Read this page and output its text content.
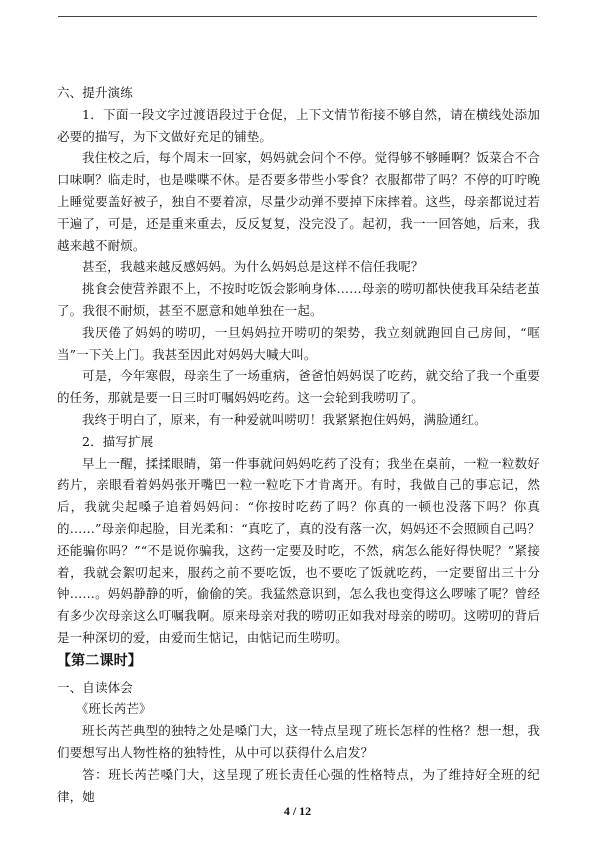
六、提升演练

1．下面一段文字过渡语段过于仓促，上下文情节衔接不够自然，请在横线处添加必要的描写，为下文做好充足的铺垫。

我住校之后，每个周末一回家，妈妈就会问个不停。觉得够不够睡啊？饭菜合不合口味啊？临走时，也是喋喋不休。是否要多带些小零食？衣服都带了吗？不停的叮咛晚上睡觉要盖好被子，独自不要着凉，尽量少动弹不要掉下床摔着。这些，母亲都说过若干遍了，可是，还是重来重去，反反复复，没完没了。起初，我一一回答她，后来，我越来越不耐烦。

甚至，我越来越反感妈妈。为什么妈妈总是这样不信任我呢？

挑食会使营养跟不上，不按时吃饭会影响身体……母亲的唠叨都快使我耳朵结老茧了。我很不耐烦，甚至不愿意和她单独在一起。

我厌倦了妈妈的唠叨，一旦妈妈拉开唠叨的架势，我立刻就跑回自己房间，“哐当”一下关上门。我甚至因此对妈妈大喊大叫。

可是，今年寒假，母亲生了一场重病，爸爸怕妈妈误了吃药，就交给了我一个重要的任务，那就是要一日三时叮嘱妈妈吃药。这一会轮到我唠叨了。

我终于明白了，原来，有一种爱就叫唠叨！我紧紧抱住妈妈，满脸通红。

2．描写扩展

早上一醒，揉揉眼睛，第一件事就问妈妈吃药了没有；我坐在桌前，一粒一粒数好药片，亲眼看着妈妈张开嘴巴一粒一粒吃下才肯离开。有时，我做自己的事忘记，然后，我就尖起嗓子追着妈妈问：“你按时吃药了吗？你真的一顿也没落下吗？你真的……”母亲仰起脸，目光柔和：“真吃了，真的没有落一次，妈妈还不会照顾自己吗？还能骗你吗？”“不是说你骗我，这药一定要及时吃，不然，病怎么能好得快呢？”紧接着，我就会絮叨起来，服药之前不要吃饭，也不要吃了饭就吃药，一定要留出三十分钟……。妈妈静静的听，偷偷的笑。我猛然意识到，怎么我也变得这么啰嗦了呢？曾经有多少次母亲这么叮嘱我啊。原来母亲对我的唠叨正如我对母亲的唠叨。这唠叨的背后是一种深切的爱，由爱而生惦记，由惦记而生唠叨。

【第二课时】

一、自读体会

《班长芮芒》

班长芮芒典型的独特之处是嗓门大，这一特点呈现了班长怎样的性格？想一想，我们要想写出人物性格的独特性，从中可以获得什么启发？

答：班长芮芒嗓门大，这呈现了班长责任心强的性格特点，为了维持好全班的纪律，她

4 / 12
